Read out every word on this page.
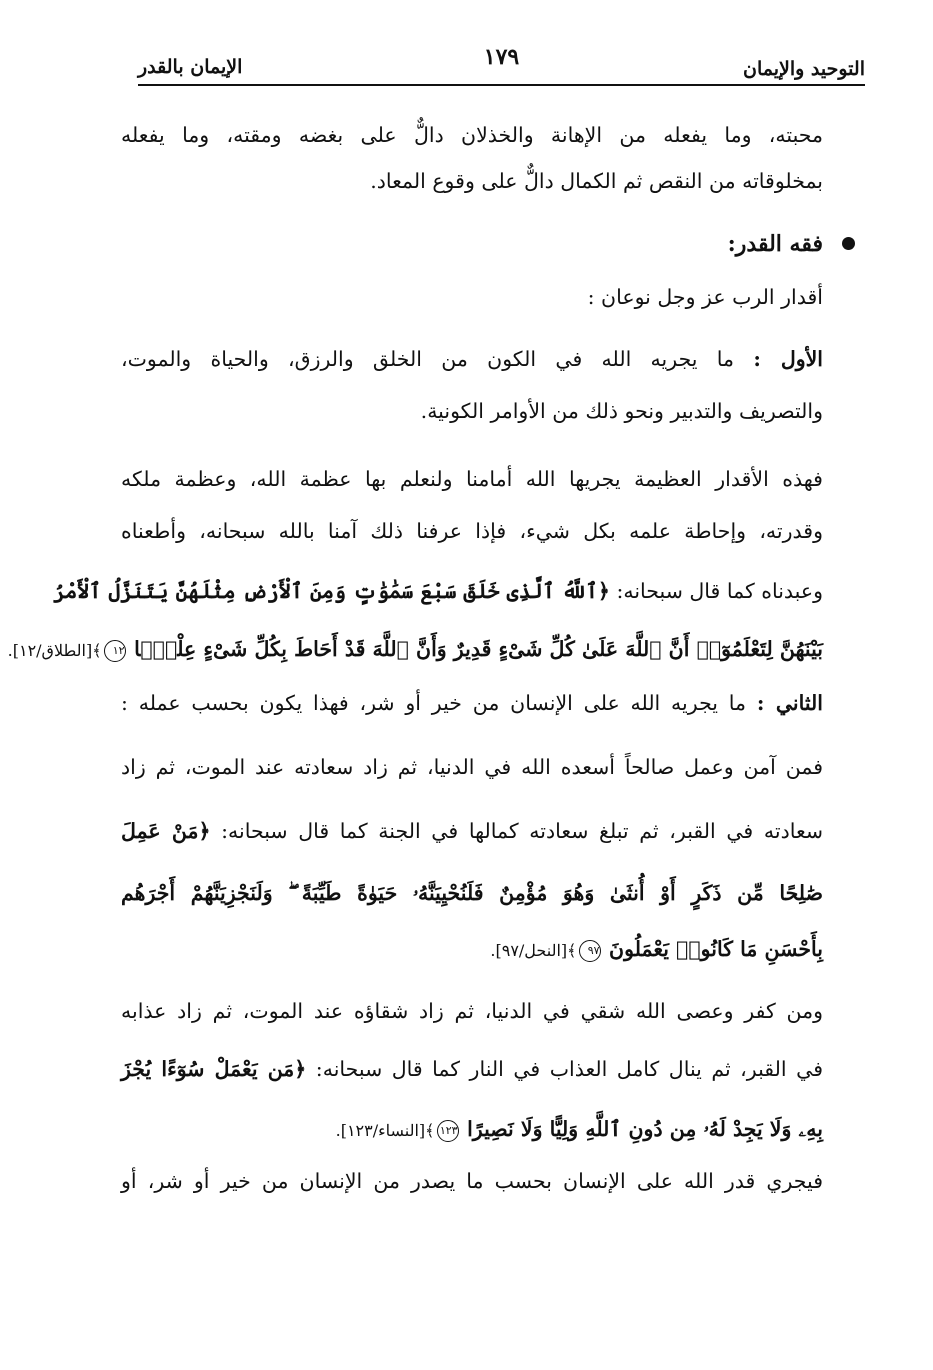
التوحيد والإيمان
١٧٩
الإيمان بالقدر
محبته، وما يفعله من الإهانة والخذلان دالٌّ على بغضه ومقته، وما يفعله
بمخلوقاته من النقص ثم الكمال دالٌّ على وقوع المعاد.
فقه القدر:
أقدار الرب عز وجل نوعان :
الأول : ما يجريه الله في الكون من الخلق والرزق، والحياة والموت،
والتصريف والتدبير ونحو ذلك من الأوامر الكونية.
فهذه الأقدار العظيمة يجريها الله أمامنا ولنعلم بها عظمة الله، وعظمة ملكه
وقدرته، وإحاطة علمه بكل شيء، فإذا عرفنا ذلك آمنا بالله سبحانه، وأطعناه
وعبدناه كما قال سبحانه: ﴿ٱللَّهُ ٱلَّذِى خَلَقَ سَبْعَ سَمَٰوَٰتٍ وَمِنَ ٱلْأَرْضِ مِثْلَهُنَّ يَتَنَزَّلُ ٱلْأَمْرُ
بَيْنَهُنَّ لِتَعْلَمُوٓا۟ أَنَّ ٱللَّهَ عَلَىٰ كُلِّ شَىْءٍ قَدِيرٌ وَأَنَّ ٱللَّهَ قَدْ أَحَاطَ بِكُلِّ شَىْءٍ عِلْمًۢا ١٢﴾[الطلاق/١٢].
الثاني : ما يجريه الله على الإنسان من خير أو شر، فهذا يكون بحسب عمله :
فمن آمن وعمل صالحاً أسعده الله في الدنيا، ثم زاد سعادته عند الموت، ثم زاد
سعادته في القبر، ثم تبلغ سعادته كمالها في الجنة كما قال سبحانه: ﴿مَنْ عَمِلَ
صَٰلِحًا مِّن ذَكَرٍ أَوْ أُنثَىٰ وَهُوَ مُؤْمِنٌ فَلَنُحْيِيَنَّهُۥ حَيَوٰةً طَيِّبَةً ۖ وَلَنَجْزِيَنَّهُمْ أَجْرَهُم
بِأَحْسَنِ مَا كَانُوا۟ يَعْمَلُونَ ٩٧﴾[النحل/٩٧].
ومن كفر وعصى الله شقي في الدنيا، ثم زاد شقاؤه عند الموت، ثم زاد عذابه
في القبر، ثم ينال كامل العذاب في النار كما قال سبحانه: ﴿مَن يَعْمَلْ سُوٓءًا يُجْزَ
بِهِۦ وَلَا يَجِدْ لَهُۥ مِن دُونِ ٱللَّهِ وَلِيًّا وَلَا نَصِيرًا ١٢٣﴾[النساء/١٢٣].
فيجري قدر الله على الإنسان بحسب ما يصدر من الإنسان من خير أو شر، أو
